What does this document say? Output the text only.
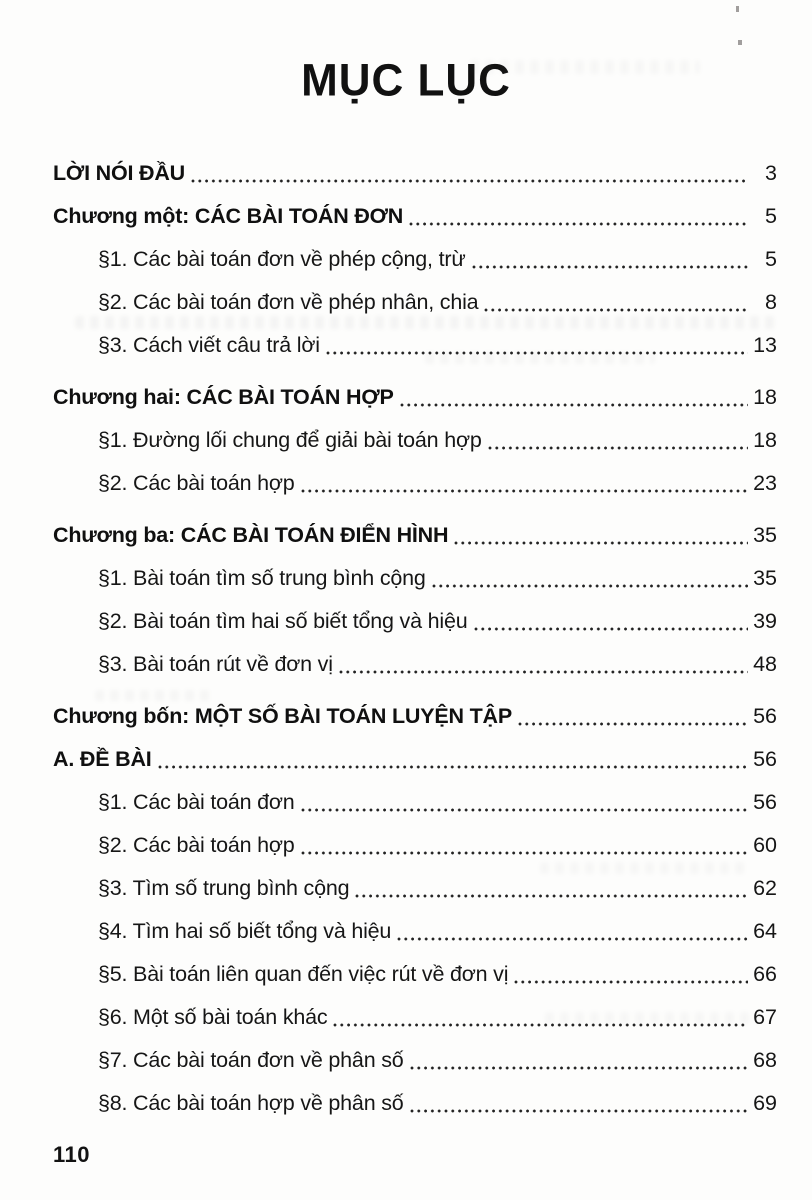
MỤC LỤC
LỜI NÓI ĐẦU	3
Chương một: CÁC BÀI TOÁN ĐƠN	5
§1. Các bài toán đơn về phép cộng, trừ	5
§2. Các bài toán đơn về phép nhân, chia	8
§3. Cách viết câu trả lời	13
Chương hai: CÁC BÀI TOÁN HỢP	18
§1. Đường lối chung để giải bài toán hợp	18
§2. Các bài toán hợp	23
Chương ba: CÁC BÀI TOÁN ĐIỂN HÌNH	35
§1. Bài toán tìm số trung bình cộng	35
§2. Bài toán tìm hai số biết tổng và hiệu	39
§3. Bài toán rút về đơn vị	48
Chương bốn: MỘT SỐ BÀI TOÁN LUYỆN TẬP	56
A. ĐỀ BÀI	56
§1. Các bài toán đơn	56
§2. Các bài toán hợp	60
§3. Tìm số trung bình cộng	62
§4. Tìm hai số biết tổng và hiệu	64
§5. Bài toán liên quan đến việc rút về đơn vị	66
§6. Một số bài toán khác	67
§7. Các bài toán đơn về phân số	68
§8. Các bài toán hợp về phân số	69
110
